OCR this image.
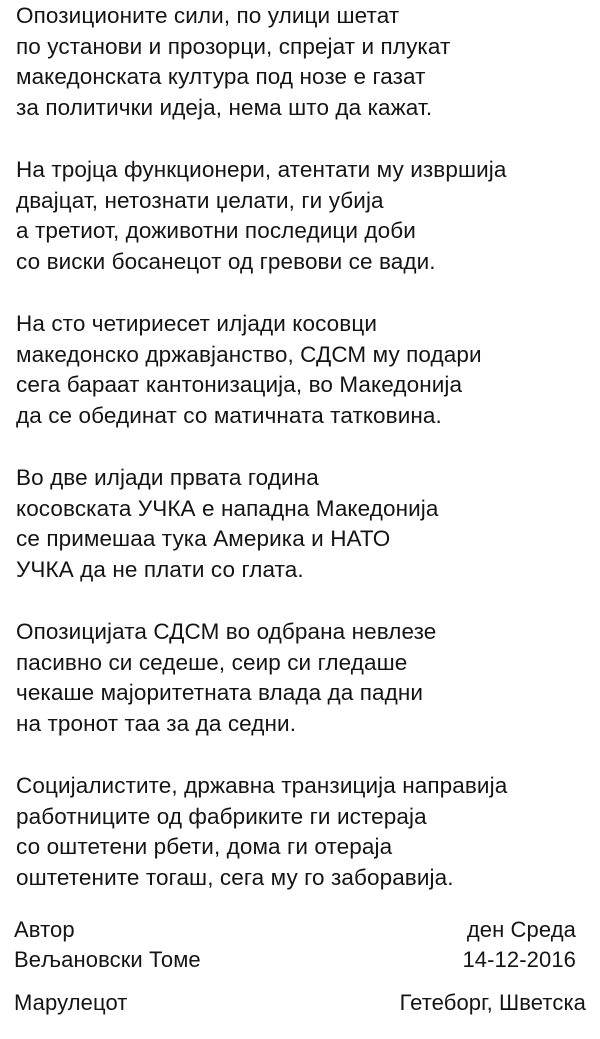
Опозиционите сили, по улици шетат
по установи и прозорци, спрејат и плукат
македонската култура под нозе е газат
за политички идеја, нема што да кажат.
На тројца функционери, атентати му изврши‌ја
двајцат, нетознати џелати, ги убија
а третиот, доживотни последици доби
со виски босанецот од гревови се вади.
На сто четириесет илјади косовци
македонско државјанство, СДСМ му подари
сега бараат кантонизација, во Македонија
да се обединат со матичната татковина.
Во две илјади првата година
косовската УЧКА е нападна Македонија
се примешаа тука Америка и НАТО
УЧКА да не плати со глата.
Опозицијата СДСМ во одбрана невлезе
пасивно си седеше, сеир си гледаше
чекаше мајоритетната влада да падни
на тронот таа за да седни.
Социјалистите, државна транзиција направија
работниците од фабриките ги истераја
со оштетени рбети, дома ги отераја
оштетените тогаш, сега му го заборавија.
Автор
Вељановски Томе
Марулецот
ден Среда
14-12-2016
Гетеборг, Шветска
